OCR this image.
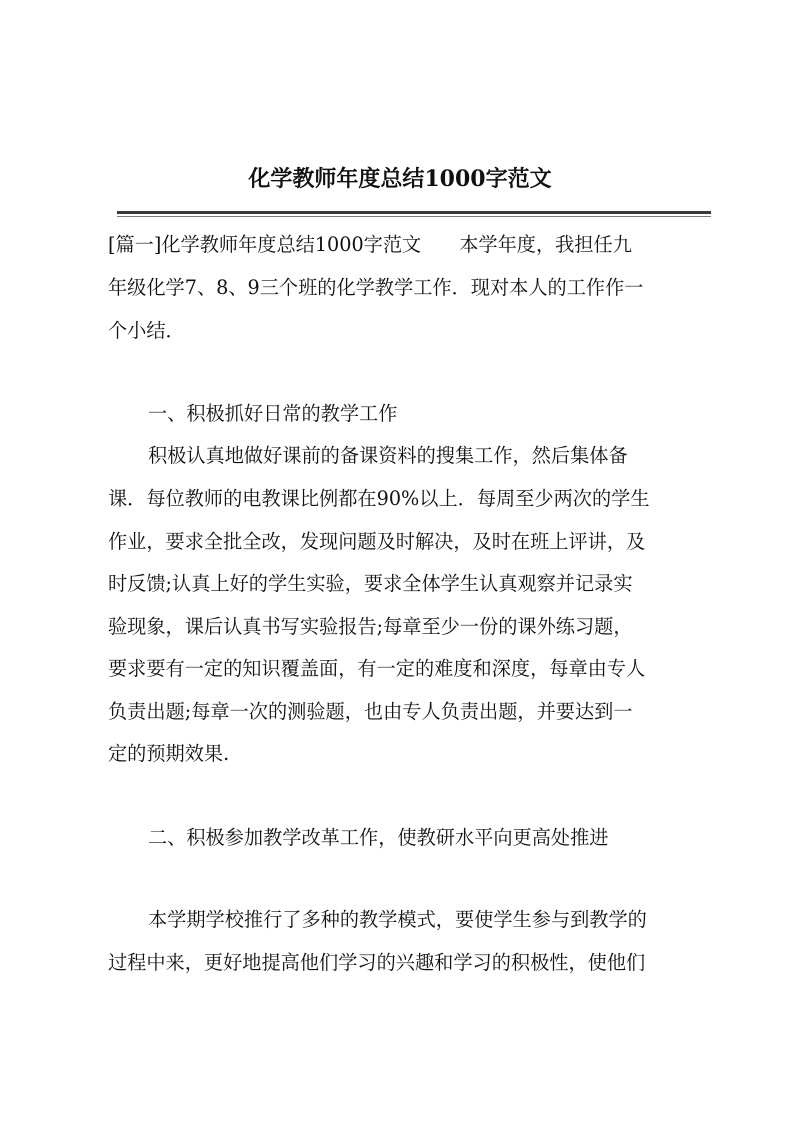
化学教师年度总结1000字范文
[篇一]化学教师年度总结1000字范文 本学年度，我担任九
年级化学7、8、9三个班的化学教学工作．现对本人的工作作一
个小结．
一、积极抓好日常的教学工作
积极认真地做好课前的备课资料的搜集工作，然后集体备
课．每位教师的电教课比例都在90%以上．每周至少两次的学生
作业，要求全批全改，发现问题及时解决，及时在班上评讲，及
时反馈;认真上好的学生实验，要求全体学生认真观察并记录实
验现象，课后认真书写实验报告;每章至少一份的课外练习题，
要求要有一定的知识覆盖面，有一定的难度和深度，每章由专人
负责出题;每章一次的测验题，也由专人负责出题，并要达到一
定的预期效果.
二、积极参加教学改革工作，使教研水平向更高处推进
本学期学校推行了多种的教学模式，要使学生参与到教学的
过程中来，更好地提高他们学习的兴趣和学习的积极性，使他们
